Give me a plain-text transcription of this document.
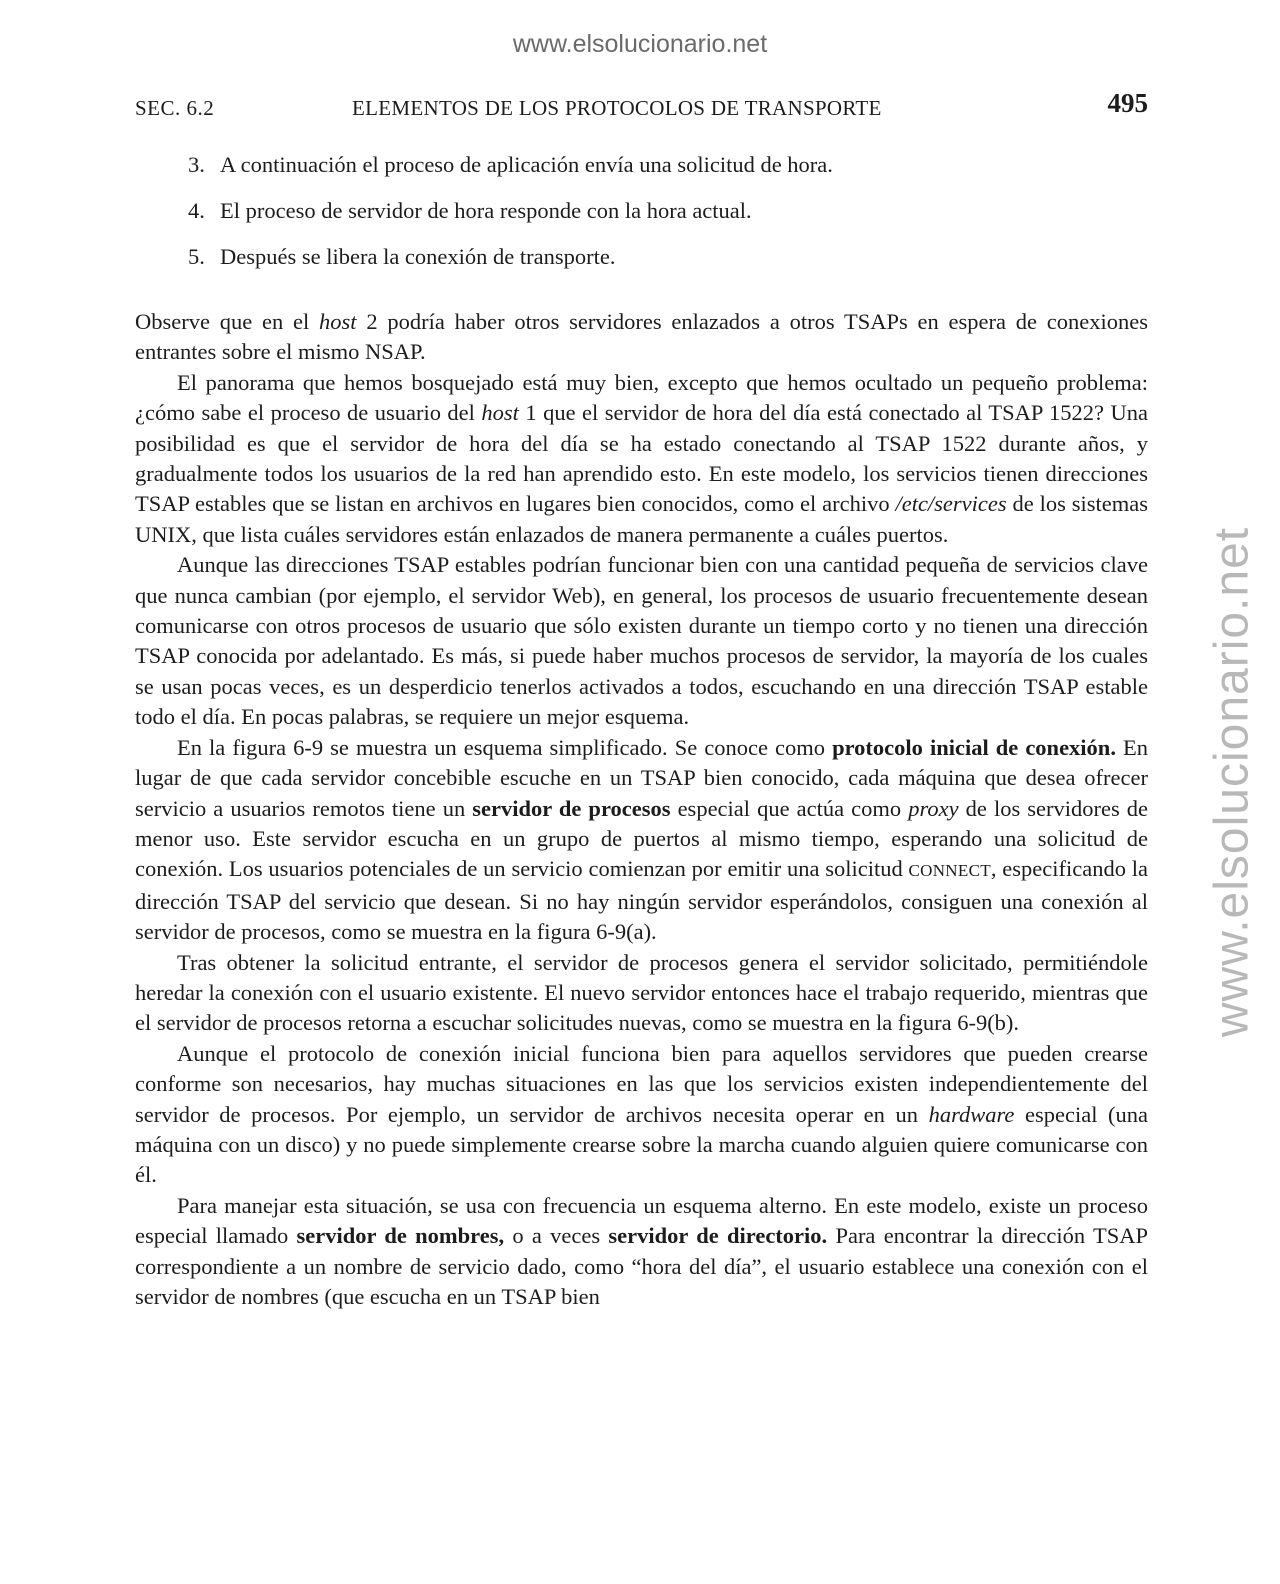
www.elsolucionario.net
www.elsolucionario.net
SEC. 6.2	ELEMENTOS DE LOS PROTOCOLOS DE TRANSPORTE	495
3. A continuación el proceso de aplicación envía una solicitud de hora.
4. El proceso de servidor de hora responde con la hora actual.
5. Después se libera la conexión de transporte.

Observe que en el host 2 podría haber otros servidores enlazados a otros TSAPs en espera de conexiones entrantes sobre el mismo NSAP.

El panorama que hemos bosquejado está muy bien, excepto que hemos ocultado un pequeño problema: ¿cómo sabe el proceso de usuario del host 1 que el servidor de hora del día está conectado al TSAP 1522? Una posibilidad es que el servidor de hora del día se ha estado conectando al TSAP 1522 durante años, y gradualmente todos los usuarios de la red han aprendido esto. En este modelo, los servicios tienen direcciones TSAP estables que se listan en archivos en lugares bien conocidos, como el archivo /etc/services de los sistemas UNIX, que lista cuáles servidores están enlazados de manera permanente a cuáles puertos.

Aunque las direcciones TSAP estables podrían funcionar bien con una cantidad pequeña de servicios clave que nunca cambian (por ejemplo, el servidor Web), en general, los procesos de usuario frecuentemente desean comunicarse con otros procesos de usuario que sólo existen durante un tiempo corto y no tienen una dirección TSAP conocida por adelantado. Es más, si puede haber muchos procesos de servidor, la mayoría de los cuales se usan pocas veces, es un desperdicio tenerlos activados a todos, escuchando en una dirección TSAP estable todo el día. En pocas palabras, se requiere un mejor esquema.

En la figura 6-9 se muestra un esquema simplificado. Se conoce como protocolo inicial de conexión. En lugar de que cada servidor concebible escuche en un TSAP bien conocido, cada máquina que desea ofrecer servicio a usuarios remotos tiene un servidor de procesos especial que actúa como proxy de los servidores de menor uso. Este servidor escucha en un grupo de puertos al mismo tiempo, esperando una solicitud de conexión. Los usuarios potenciales de un servicio comienzan por emitir una solicitud CONNECT, especificando la dirección TSAP del servicio que desean. Si no hay ningún servidor esperándolos, consiguen una conexión al servidor de procesos, como se muestra en la figura 6-9(a).

Tras obtener la solicitud entrante, el servidor de procesos genera el servidor solicitado, permitiéndole heredar la conexión con el usuario existente. El nuevo servidor entonces hace el trabajo requerido, mientras que el servidor de procesos retorna a escuchar solicitudes nuevas, como se muestra en la figura 6-9(b).

Aunque el protocolo de conexión inicial funciona bien para aquellos servidores que pueden crearse conforme son necesarios, hay muchas situaciones en las que los servicios existen independientemente del servidor de procesos. Por ejemplo, un servidor de archivos necesita operar en un hardware especial (una máquina con un disco) y no puede simplemente crearse sobre la marcha cuando alguien quiere comunicarse con él.

Para manejar esta situación, se usa con frecuencia un esquema alterno. En este modelo, existe un proceso especial llamado servidor de nombres, o a veces servidor de directorio. Para encontrar la dirección TSAP correspondiente a un nombre de servicio dado, como “hora del día”, el usuario establece una conexión con el servidor de nombres (que escucha en un TSAP bien
